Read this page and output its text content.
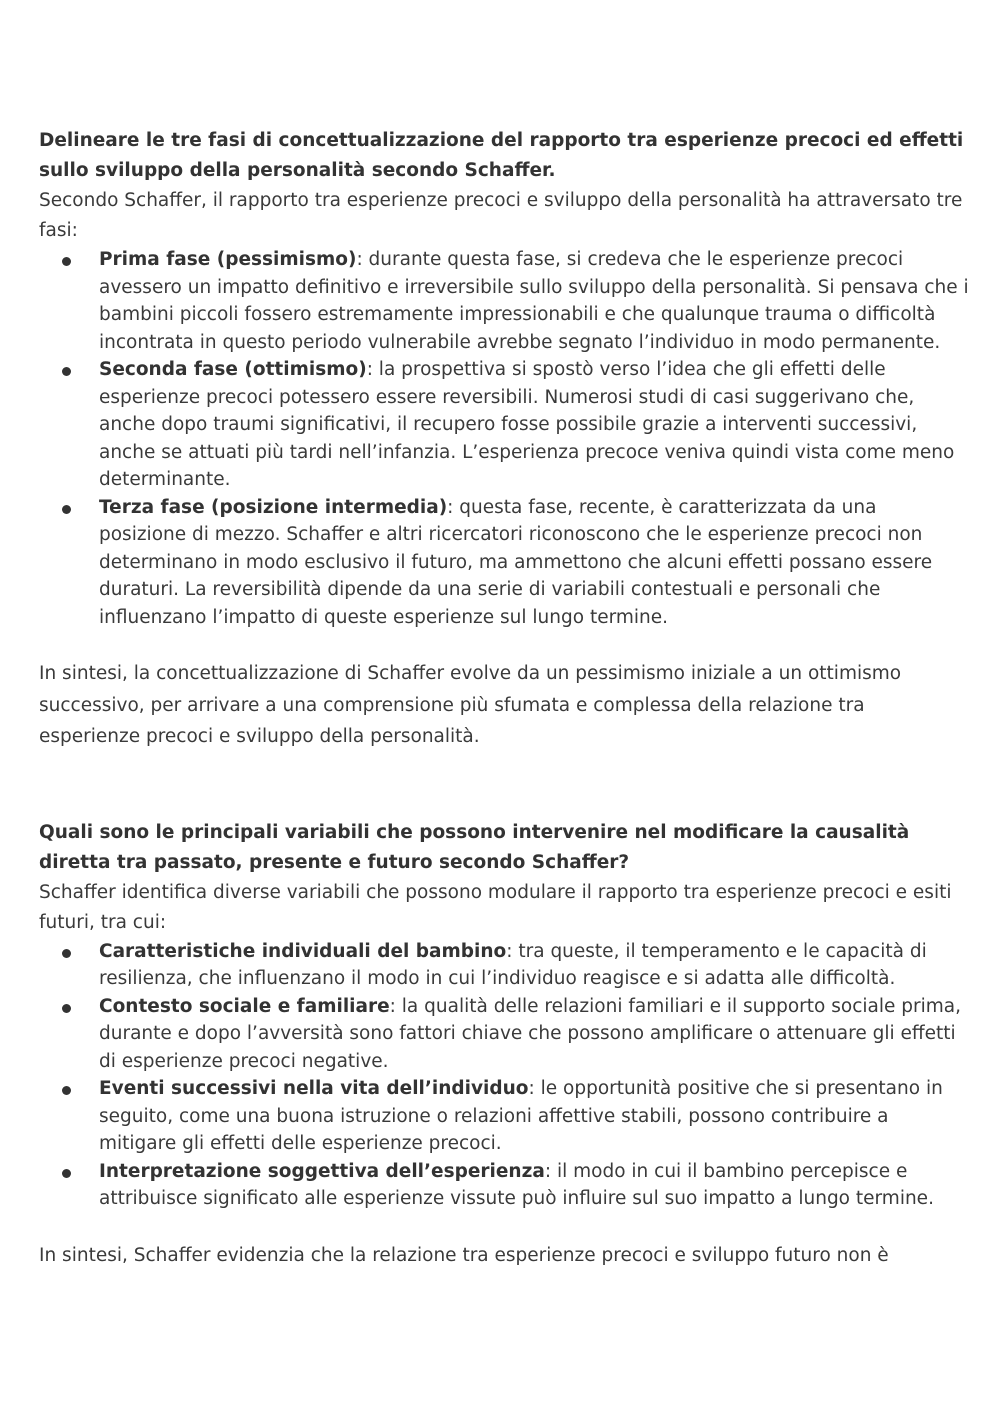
Delineare le tre fasi di concettualizzazione del rapporto tra esperienze precoci ed effetti sullo sviluppo della personalità secondo Schaffer.

Secondo Schaffer, il rapporto tra esperienze precoci e sviluppo della personalità ha attraversato tre fasi:

Prima fase (pessimismo): durante questa fase, si credeva che le esperienze precoci avessero un impatto definitivo e irreversibile sullo sviluppo della personalità. Si pensava che i bambini piccoli fossero estremamente impressionabili e che qualunque trauma o difficoltà incontrata in questo periodo vulnerabile avrebbe segnato l’individuo in modo permanente.
Seconda fase (ottimismo): la prospettiva si spostò verso l’idea che gli effetti delle esperienze precoci potessero essere reversibili. Numerosi studi di casi suggerivano che, anche dopo traumi significativi, il recupero fosse possibile grazie a interventi successivi, anche se attuati più tardi nell’infanzia. L’esperienza precoce veniva quindi vista come meno determinante.
Terza fase (posizione intermedia): questa fase, recente, è caratterizzata da una posizione di mezzo. Schaffer e altri ricercatori riconoscono che le esperienze precoci non determinano in modo esclusivo il futuro, ma ammettono che alcuni effetti possano essere duraturi. La reversibilità dipende da una serie di variabili contestuali e personali che influenzano l’impatto di queste esperienze sul lungo termine.

In sintesi, la concettualizzazione di Schaffer evolve da un pessimismo iniziale a un ottimismo successivo, per arrivare a una comprensione più sfumata e complessa della relazione tra esperienze precoci e sviluppo della personalità.

Quali sono le principali variabili che possono intervenire nel modificare la causalità diretta tra passato, presente e futuro secondo Schaffer?

Schaffer identifica diverse variabili che possono modulare il rapporto tra esperienze precoci e esiti futuri, tra cui:

Caratteristiche individuali del bambino: tra queste, il temperamento e le capacità di resilienza, che influenzano il modo in cui l’individuo reagisce e si adatta alle difficoltà.
Contesto sociale e familiare: la qualità delle relazioni familiari e il supporto sociale prima, durante e dopo l’avversità sono fattori chiave che possono amplificare o attenuare gli effetti di esperienze precoci negative.
Eventi successivi nella vita dell’individuo: le opportunità positive che si presentano in seguito, come una buona istruzione o relazioni affettive stabili, possono contribuire a mitigare gli effetti delle esperienze precoci.
Interpretazione soggettiva dell’esperienza: il modo in cui il bambino percepisce e attribuisce significato alle esperienze vissute può influire sul suo impatto a lungo termine.

In sintesi, Schaffer evidenzia che la relazione tra esperienze precoci e sviluppo futuro non è
